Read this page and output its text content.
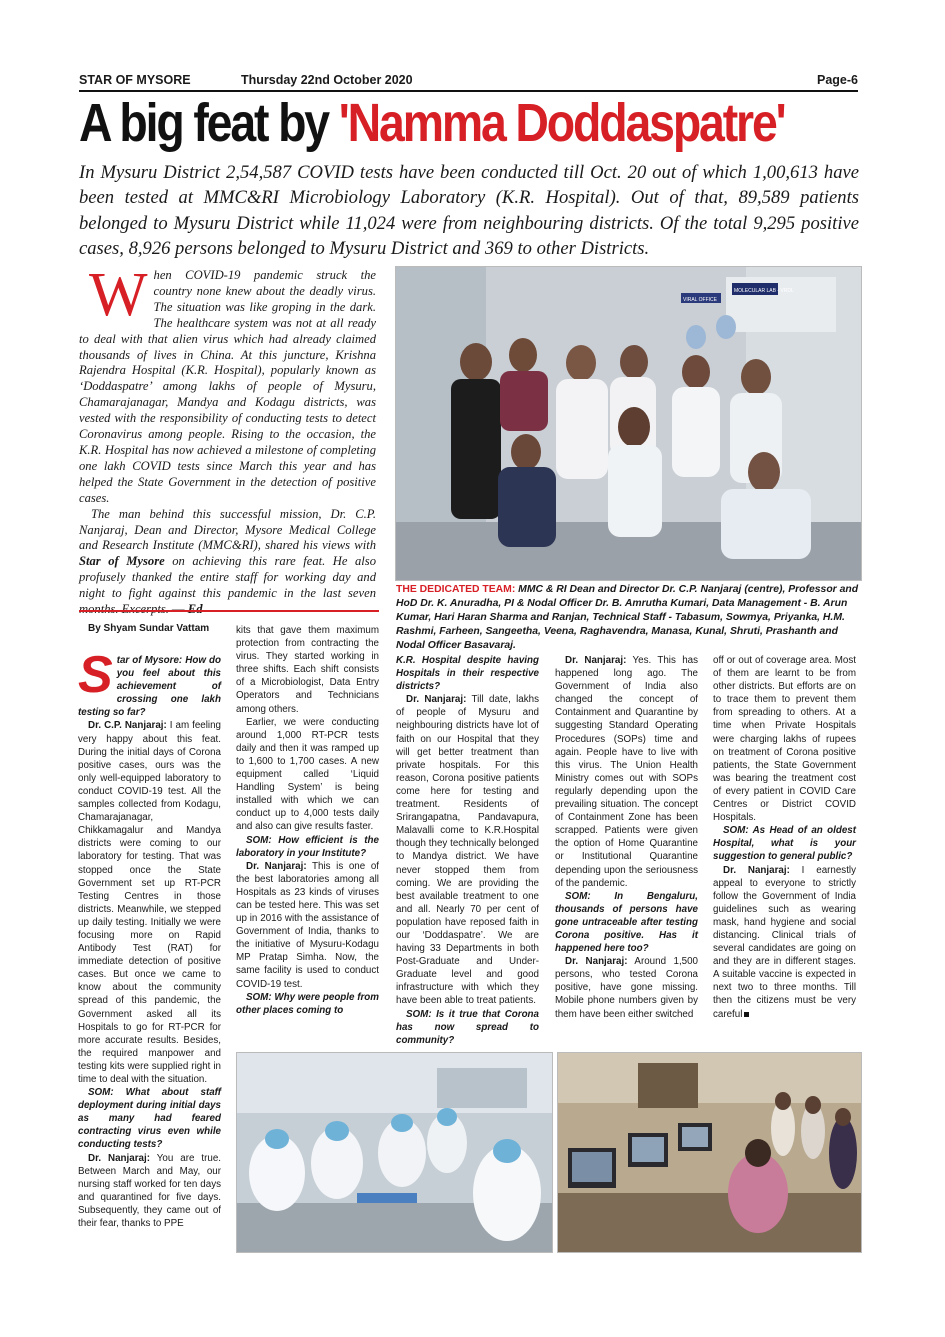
STAR OF MYSORE	Thursday 22nd October 2020	Page-6
A big feat by 'Namma Doddaspatre'
In Mysuru District 2,54,587 COVID tests have been conducted till Oct. 20 out of which 1,00,613 have been tested at MMC&RI Microbiology Laboratory (K.R. Hospital). Out of that, 89,589 patients belonged to Mysuru District while 11,024 were from neighbouring districts. Of the total 9,295 positive cases, 8,926 persons belonged to Mysuru District and 369 to other Districts.

When COVID-19 pandemic struck the country none knew about the deadly virus. The situation was like groping in the dark. The healthcare system was not at all ready to deal with that alien virus which had already claimed thousands of lives in China. At this juncture, Krishna Rajendra Hospital (K.R. Hospital), popularly known as ‘Doddaspatre’ among lakhs of people of Mysuru, Chamarajanagar, Mandya and Kodagu districts, was vested with the responsibility of conducting tests to detect Coronavirus among people. Rising to the occasion, the K.R. Hospital has now achieved a milestone of completing one lakh COVID tests since March this year and has helped the State Government in the detection of positive cases.

The man behind this successful mission, Dr. C.P. Nanjaraj, Dean and Director, Mysore Medical College and Research Institute (MMC&RI), shared his views with Star of Mysore on achieving this rare feat. He also profusely thanked the entire staff for working day and night to fight against this pandemic in the last seven

MOLECULAR LAB - VRDL
VIRAL OFFICE
THE DEDICATED TEAM: MMC & RI Dean and Director Dr. C.P. Nanjaraj (centre), Professor and HoD Dr. K. Anuradha, PI & Nodal Officer Dr. B. Amrutha Kumari, Data Management - B. Arun Kumar, Hari Haran Sharma and Ranjan, Technical Staff - Tabasum, Sowmya, Priyanka, H.M. Rashmi, Farheen, Sangeetha, Veena, Raghavendra, Manasa, Kunal, Shruti, Prashanth and Nodal Officer Basavaraj.
By Shyam Sundar Vattam

Star of Mysore: How do you feel about this achievement of crossing one lakh testing so far?

Dr. C.P. Nanjaraj: I am feeling very happy about this feat. During the initial days of Corona positive cases, ours was the only well-equipped laboratory to conduct COVID-19 test. All the samples collected from Kodagu, Chamarajanagar, Chikkamagalur and Mandya districts were coming to our laboratory for testing. That was stopped once the State Government set up RT-PCR Testing Centres in those districts. Meanwhile, we stepped up daily testing. Initially we were focusing more on Rapid Antibody Test (RAT) for immediate detection of positive cases. But once we came to know about the community spread of this pandemic, the Government asked all its Hospitals to go for RT-PCR for more accurate results. Besides, the required manpower and testing kits were supplied right in time to deal with the situation.

SOM: What about staff deployment during initial days as many had feared contracting virus even while conducting tests?

Dr. Nanjaraj: You are true. Between March and May, our nursing staff worked for ten days and quarantined for five days. Subsequently, they came out of their fear, thanks to PPE

kits that gave them maximum protection from contracting the virus. They started working in three shifts. Each shift consists of a Microbiologist, Data Entry Operators and Technicians among others.

Earlier, we were conducting around 1,000 RT-PCR tests daily and then it was ramped up to 1,600 to 1,700 cases. A new equipment called ‘Liquid Handling System’ is being installed with which we can conduct up to 4,000 tests daily and also can give results faster.

SOM: How efficient is the laboratory in your Institute?

Dr. Nanjaraj: This is one of the best laboratories among all Hospitals as 23 kinds of viruses can be tested here. This was set up in 2016 with the assistance of Government of India, thanks to the initiative of Mysuru-Kodagu MP Pratap Simha. Now, the same facility is used to conduct COVID-19 test.

SOM: Why were people from other places coming to

K.R. Hospital despite having Hospitals in their respective districts?

Dr. Nanjaraj: Till date, lakhs of people of Mysuru and neighbouring districts have lot of faith on our Hospital that they will get better treatment than private hospitals. For this reason, Corona positive patients come here for testing and treatment. Residents of Srirangapatna, Pandavapura, Malavalli come to K.R.Hospital though they technically belonged to Mandya district. We have never stopped them from coming. We are providing the best available treatment to one and all. Nearly 70 per cent of population have reposed faith in our ‘Doddaspatre’. We are having 33 Departments in both Post-Graduate and Under-Graduate level and good infrastructure with which they have been able to treat patients.

SOM: Is it true that Corona has now spread to community?

Dr. Nanjaraj: Yes. This has happened long ago. The Government of India also changed the concept of Containment and Quarantine by suggesting Standard Operating Procedures (SOPs) time and again. People have to live with this virus. The Union Health Ministry comes out with SOPs regularly depending upon the prevailing situation. The concept of Containment Zone has been scrapped. Patients were given the option of Home Quarantine or Institutional Quarantine depending upon the seriousness of the pandemic.

SOM: In Bengaluru, thousands of persons have gone untraceable after testing Corona positive. Has it happened here too?

Dr. Nanjaraj: Around 1,500 persons, who tested Corona positive, have gone missing. Mobile phone numbers given by them have been either switched

off or out of coverage area. Most of them are learnt to be from other districts. But efforts are on to trace them to prevent them from spreading to others. At a time when Private Hospitals were charging lakhs of rupees on treatment of Corona positive patients, the State Government was bearing the treatment cost of every patient in COVID Care Centres or District COVID Hospitals.

SOM: As Head of an oldest Hospital, what is your suggestion to general public?

Dr. Nanjaraj: I earnestly appeal to everyone to strictly follow the Government of India guidelines such as wearing mask, hand hygiene and social distancing. Clinical trials of several candidates are going on and they are in different stages. A suitable vaccine is expected in next two to three months. Till then the citizens must be very careful
